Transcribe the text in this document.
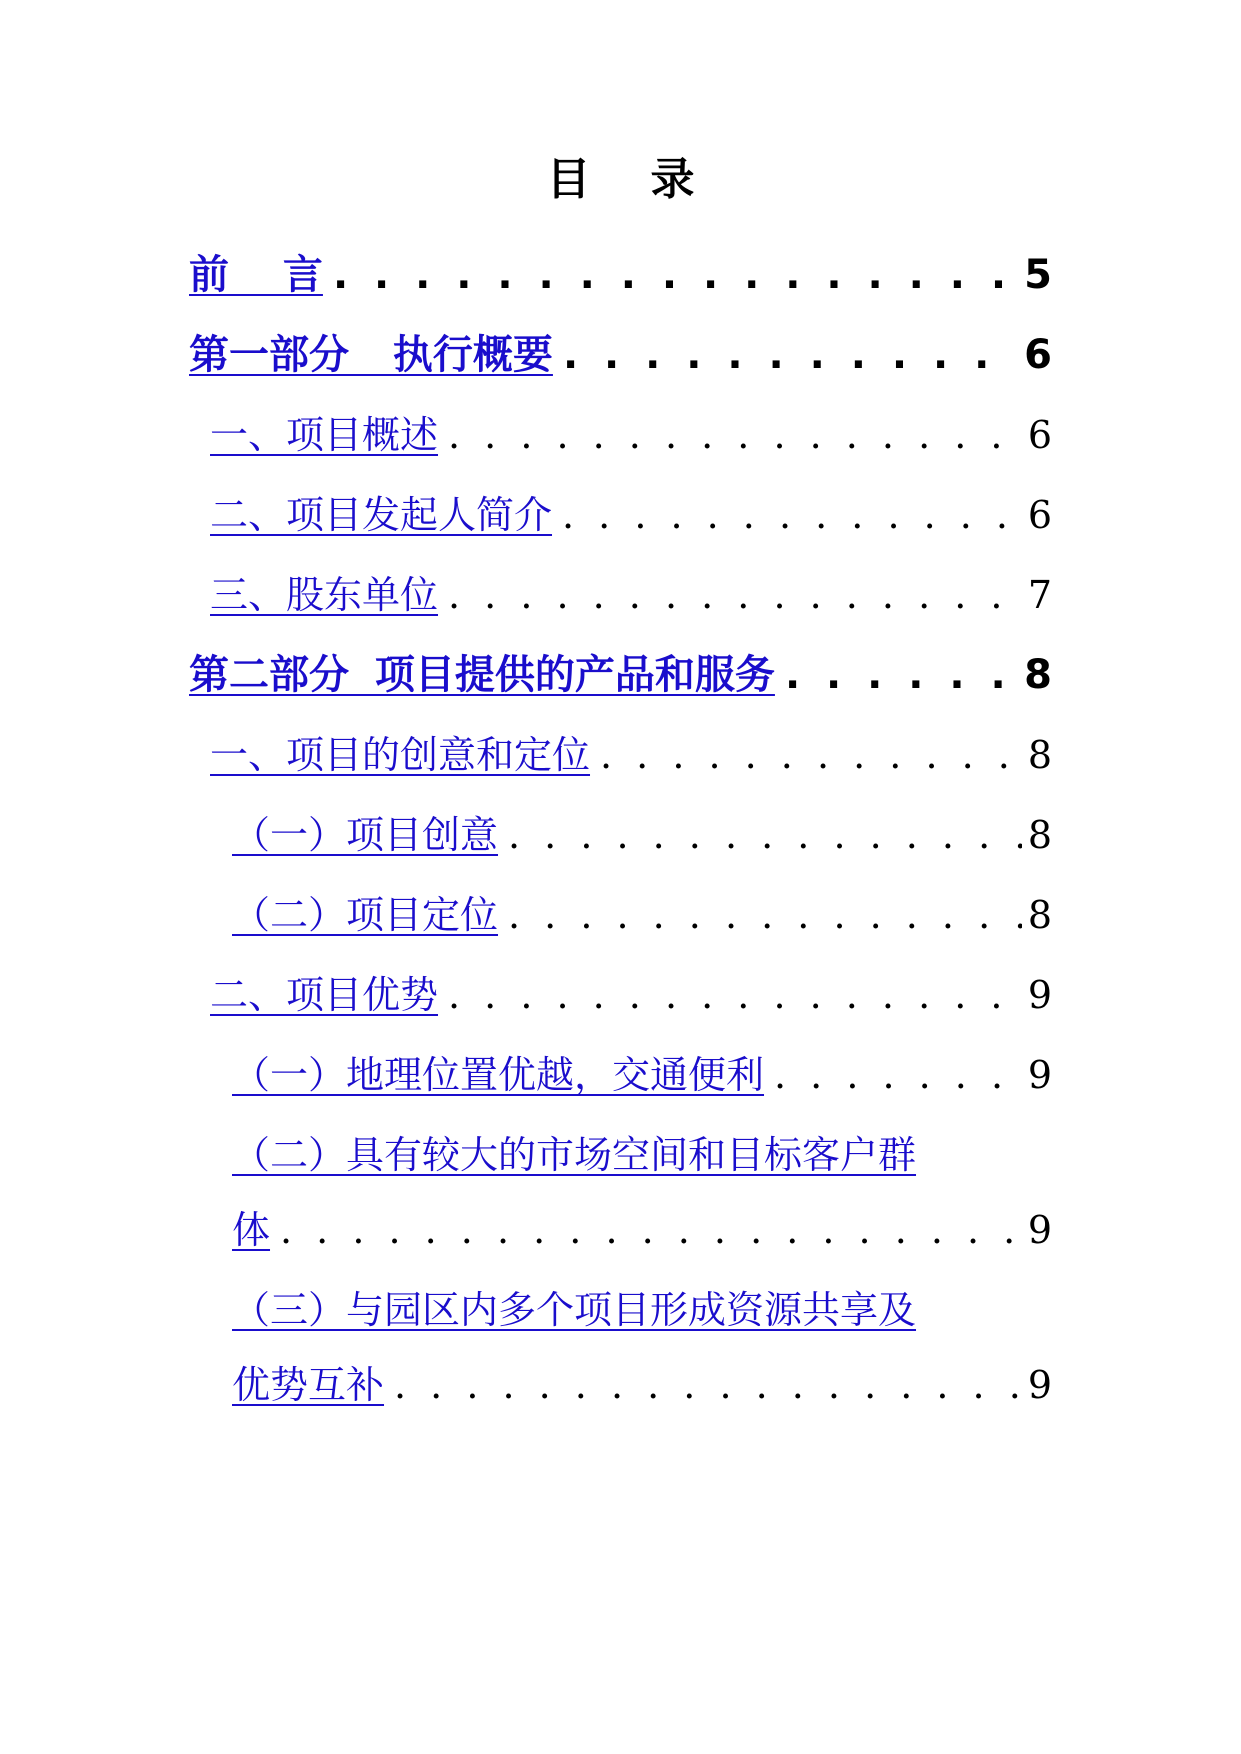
目录
前 言 . . .	5
第一部分 执行概要 . . .	6
一、项目概述 . . .	6
二、项目发起人简介 . . .	6
三、股东单位 . . .	7
第二部分 项目提供的产品和服务 . . .	8
一、项目的创意和定位 . . .	8
（一）项目创意 . . .	8
（二）项目定位 . . .	8
二、项目优势 . . .	9
（一）地理位置优越，交通便利 . . .	9
（二）具有较大的市场空间和目标客户群
体 . . .	9
（三）与园区内多个项目形成资源共享及
优势互补 . . .	9
